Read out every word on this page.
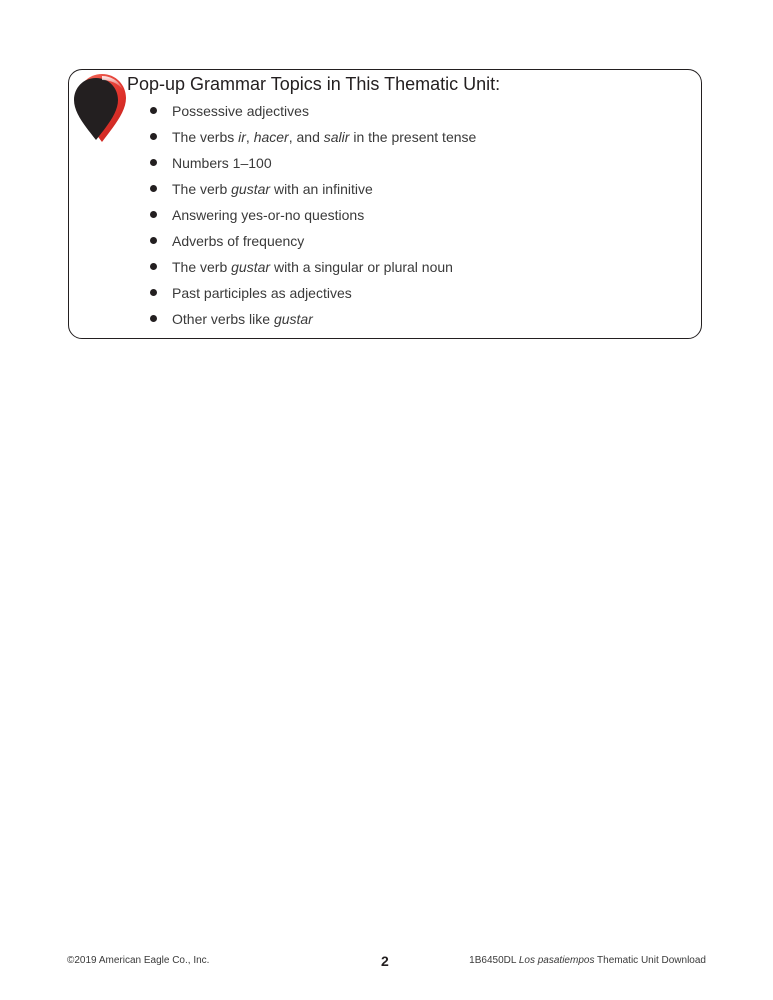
Pop-up Grammar Topics in This Thematic Unit:
Possessive adjectives
The verbs ir, hacer, and salir in the present tense
Numbers 1–100
The verb gustar with an infinitive
Answering yes-or-no questions
Adverbs of frequency
The verb gustar with a singular or plural noun
Past participles as adjectives
Other verbs like gustar
©2019 American Eagle Co., Inc.	2	1B6450DL Los pasatiempos Thematic Unit Download
